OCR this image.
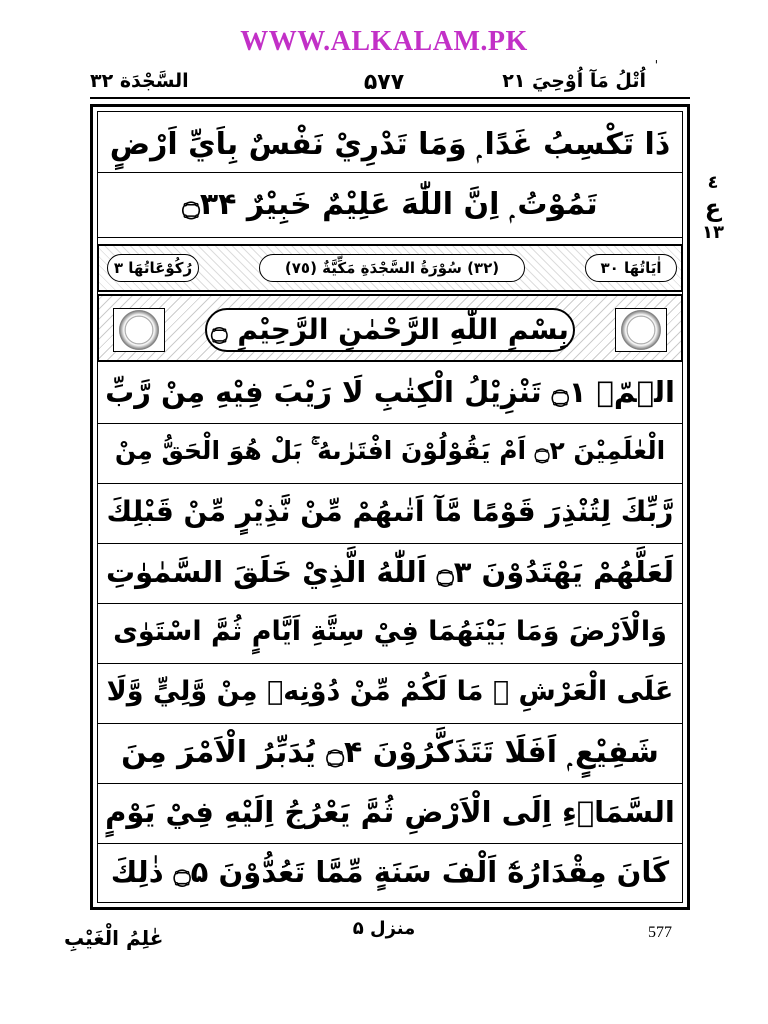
WWW.ALKALAM.PK
'
السَّجْدَة ٣٢	۵۷۷	اُتْلُ مَآ اُوْحِيَ ٢١
٤
ع
١٣
ذَا تَكْسِبُ غَدًا ۭ وَمَا تَدْرِيْ نَفْسٌ بِاَيِّ اَرْضٍ
تَمُوْتُ ۭ اِنَّ اللّٰهَ عَلِيْمٌ خَبِيْرٌ ۝۳۴
رُكُوْعَاتُهَا ٣	(٣٢) سُوْرَةُ السَّجْدَةِ مَكِّيَّةٌ (٧٥)	اٰيَاتُهَا ٣٠
بِسْمِ اللّٰهِ الرَّحْمٰنِ الرَّحِيْمِ ۝
الۗمّۗ ۝۱ تَنْزِيْلُ الْكِتٰبِ لَا رَيْبَ فِيْهِ مِنْ رَّبِّ
الْعٰلَمِيْنَ ۝۲ اَمْ يَقُوْلُوْنَ افْتَرٰىهُ ۚ بَلْ هُوَ الْحَقُّ مِنْ
رَّبِّكَ لِتُنْذِرَ قَوْمًا مَّآ اَتٰىهُمْ مِّنْ نَّذِيْرٍ مِّنْ قَبْلِكَ
لَعَلَّهُمْ يَهْتَدُوْنَ ۝۳ اَللّٰهُ الَّذِيْ خَلَقَ السَّمٰوٰتِ
وَالْاَرْضَ وَمَا بَيْنَهُمَا فِيْ سِتَّةِ اَيَّامٍ ثُمَّ اسْتَوٰى
عَلَى الْعَرْشِ ۭ مَا لَكُمْ مِّنْ دُوْنِهٖ مِنْ وَّلِيٍّ وَّلَا
شَفِيْعٍ ۭ اَفَلَا تَتَذَكَّرُوْنَ ۝۴ يُدَبِّرُ الْاَمْرَ مِنَ
السَّمَاۗءِ اِلَى الْاَرْضِ ثُمَّ يَعْرُجُ اِلَيْهِ فِيْ يَوْمٍ
كَانَ مِقْدَارُهٗٓ اَلْفَ سَنَةٍ مِّمَّا تَعُدُّوْنَ ۝۵ ذٰلِكَ
عٰلِمُ الْغَيْبِ	منزل ۵	577
